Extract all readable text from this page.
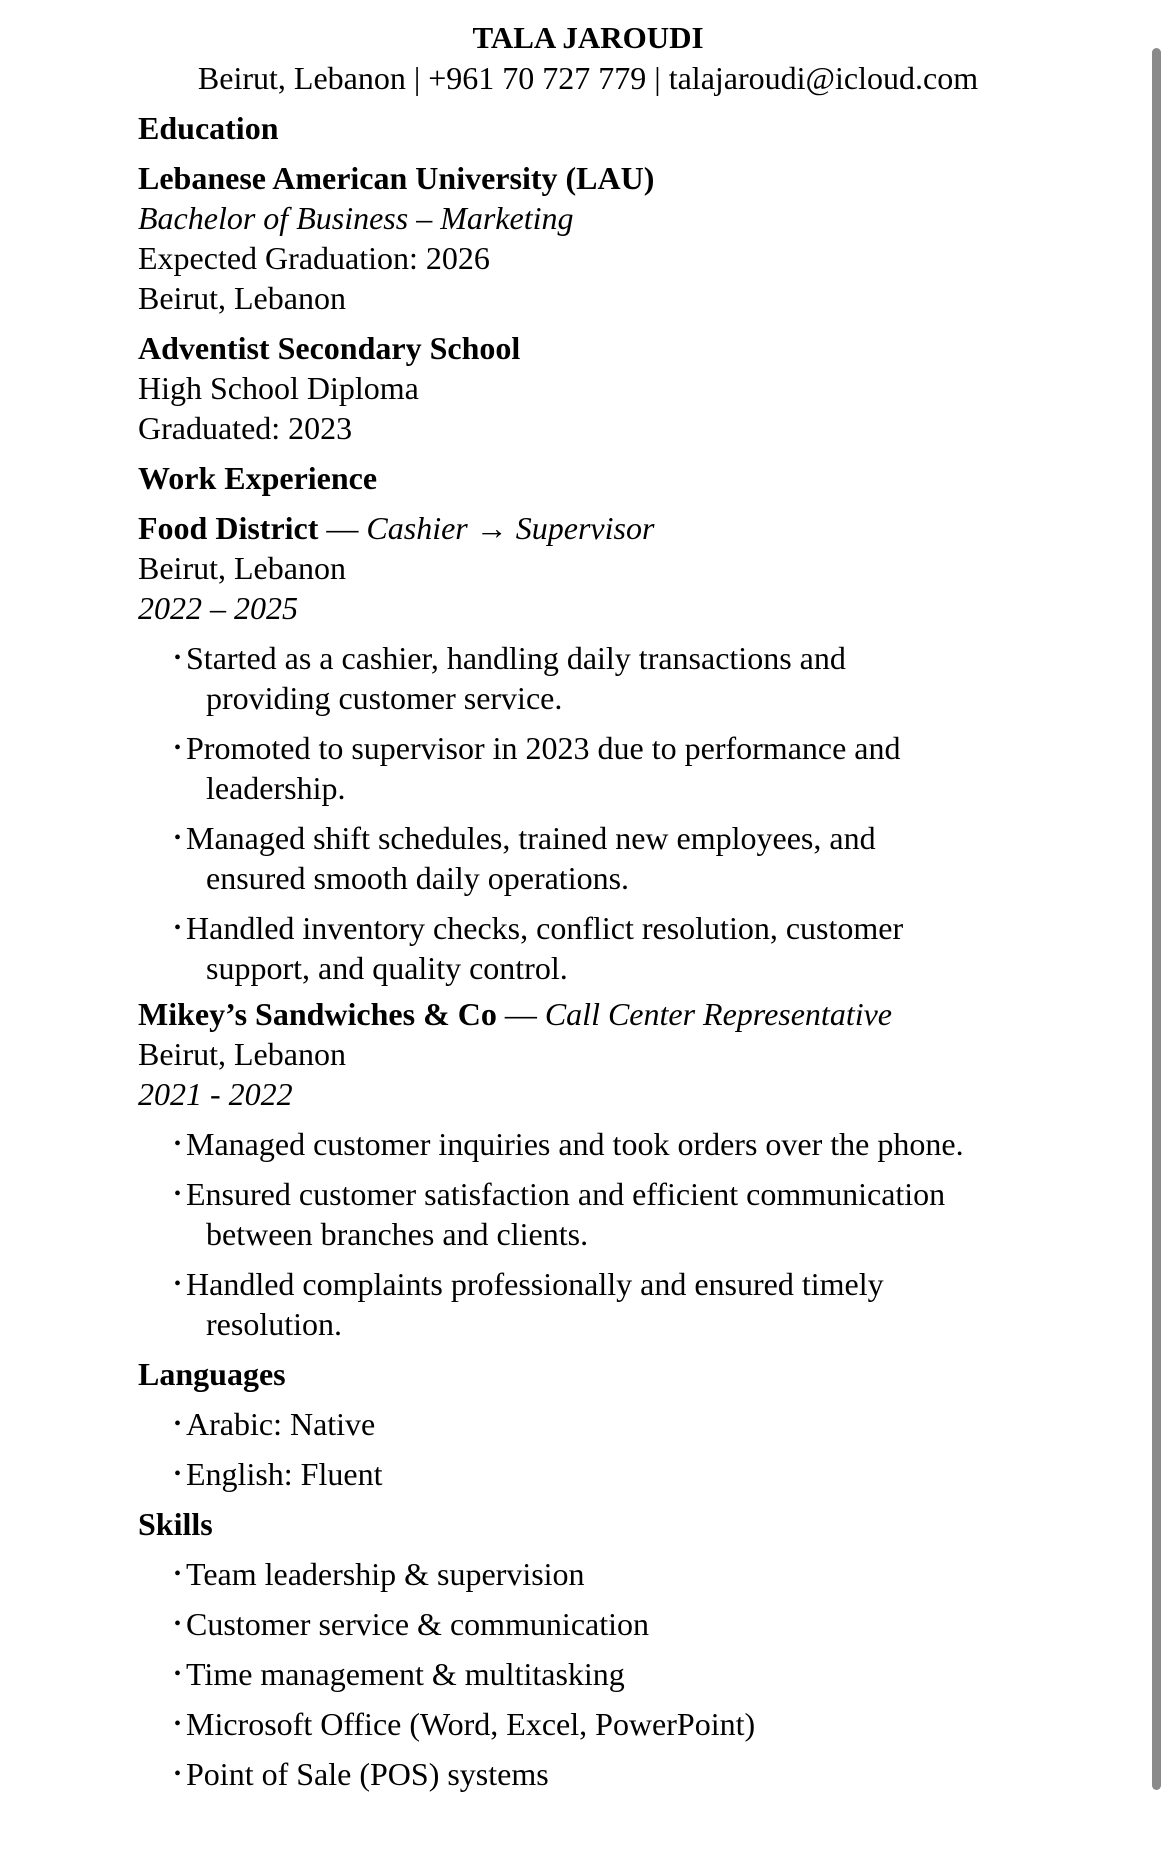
TALA JAROUDI
Beirut, Lebanon | +961 70 727 779 | talajaroudi@icloud.com
Education
Lebanese American University (LAU)
Bachelor of Business – Marketing
Expected Graduation: 2026
Beirut, Lebanon
Adventist Secondary School
High School Diploma
Graduated: 2023
Work Experience
Food District — Cashier → Supervisor
Beirut, Lebanon
2022 – 2025
• Started as a cashier, handling daily transactions and
providing customer service.
• Promoted to supervisor in 2023 due to performance and
leadership.
• Managed shift schedules, trained new employees, and
ensured smooth daily operations.
• Handled inventory checks, conflict resolution, customer
support, and quality control.
Mikey’s Sandwiches & Co — Call Center Representative
Beirut, Lebanon
2021 - 2022
• Managed customer inquiries and took orders over the phone.
• Ensured customer satisfaction and efficient communication
between branches and clients.
• Handled complaints professionally and ensured timely
resolution.
Languages
• Arabic: Native
• English: Fluent
Skills
• Team leadership & supervision
• Customer service & communication
• Time management & multitasking
• Microsoft Office (Word, Excel, PowerPoint)
• Point of Sale (POS) systems
